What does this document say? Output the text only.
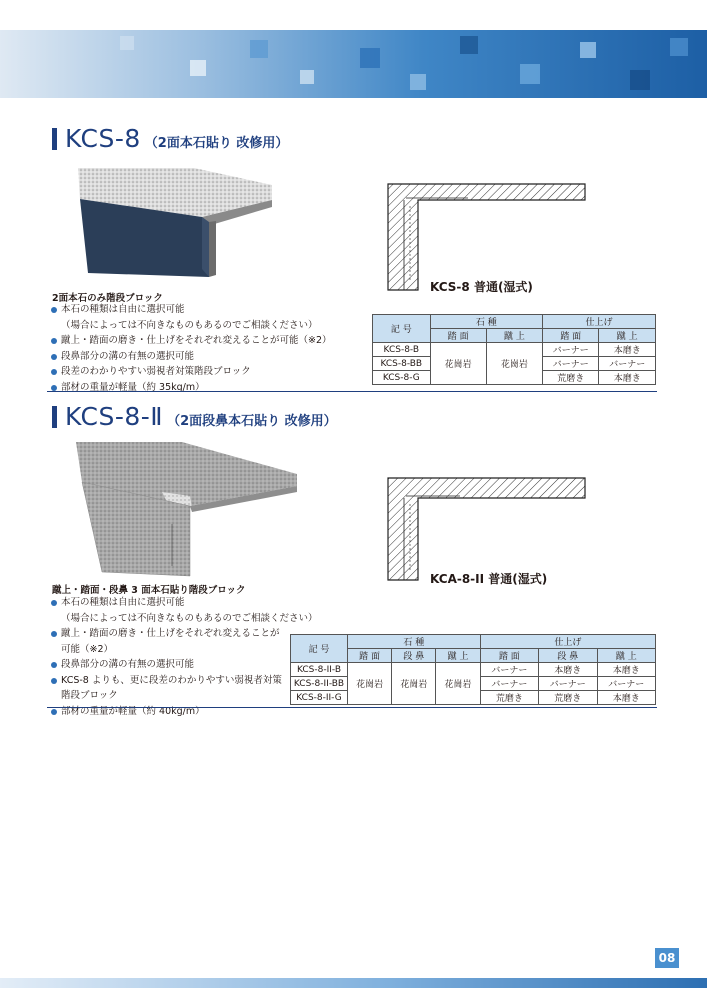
KCS-8 （2面本石貼り 改修用）
KCS-8 普通(湿式)
2面本石のみ階段ブロック
本石の種類は自由に選択可能
（場合によっては不向きなものもあるのでご相談ください）
蹴上・踏面の磨き・仕上げをそれぞれ変えることが可能（※2）
段鼻部分の溝の有無の選択可能
段差のわかりやすい弱視者対策階段ブロック
部材の重量が軽量（約 35kg/m）
記 号	石 種		仕上げ	
	踏 面	蹴 上	踏 面	蹴 上
KCS-8-B	花崗岩	花崗岩	バーナー	本磨き
KCS-8-BB			バーナー	バーナー
KCS-8-G			荒磨き	本磨き
KCS-8-Ⅱ （2面段鼻本石貼り 改修用）
KCA-8-II 普通(湿式)
蹴上・踏面・段鼻 3 面本石貼り階段ブロック
本石の種類は自由に選択可能
（場合によっては不向きなものもあるのでご相談ください）
蹴上・踏面の磨き・仕上げをそれぞれ変えることが
可能（※2）
段鼻部分の溝の有無の選択可能
KCS-8 よりも、更に段差のわかりやすい弱視者対策
階段ブロック
部材の重量が軽量（約 40kg/m）
記 号	石 種			仕上げ		
	踏 面	段 鼻	蹴 上	踏 面	段 鼻	蹴 上
KCS-8-II-B	花崗岩	花崗岩	花崗岩	バーナー	本磨き	本磨き
KCS-8-II-BB				バーナー	バーナー	バーナー
KCS-8-II-G				荒磨き	荒磨き	本磨き
08
